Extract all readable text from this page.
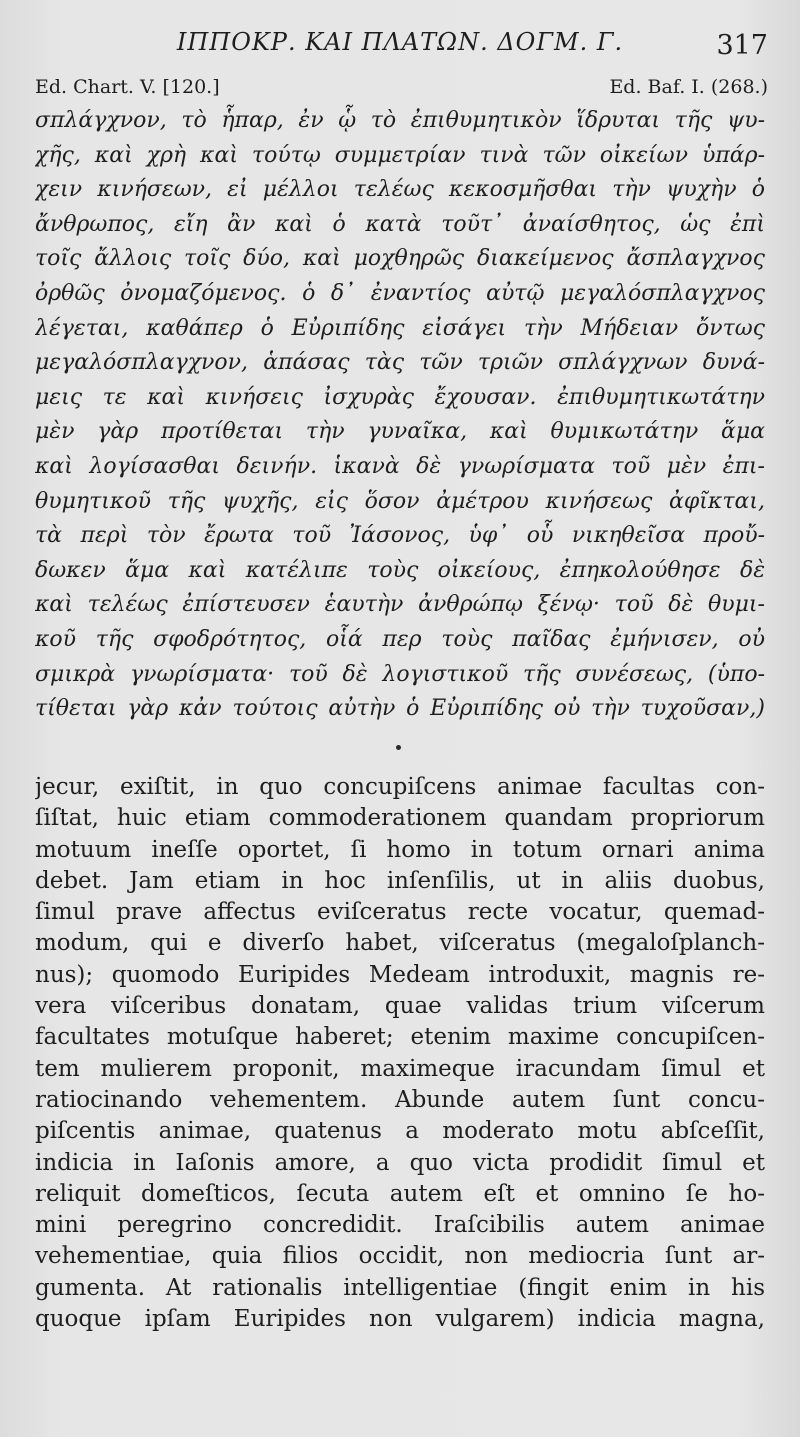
ΙΠΠΟΚΡ. ΚΑΙ ΠΛΑΤΩΝ. ΔΟΓΜ. Γ.	317
Ed. Chart. V. [120.]	Ed. Baf. I. (268.)
σπλάγχνον, τὸ ἧπαρ, ἐν ᾧ τὸ ἐπιθυμητικὸν ἵδρυται τῆς ψυ-
χῆς, καὶ χρὴ καὶ τούτῳ συμμετρίαν τινὰ τῶν οἰκείων ὑπάρ-
χειν κινήσεων, εἰ μέλλοι τελέως κεκοσμῆσθαι τὴν ψυχὴν ὁ
ἄνθρωπος, εἴη ἂν καὶ ὁ κατὰ τοῦτ᾽ ἀναίσθητος, ὡς ἐπὶ
τοῖς ἄλλοις τοῖς δύο, καὶ μοχθηρῶς διακείμενος ἄσπλαγχνος
ὀρθῶς ὀνομαζόμενος. ὁ δ᾽ ἐναντίος αὐτῷ μεγαλόσπλαγχνος
λέγεται, καθάπερ ὁ Εὐριπίδης εἰσάγει τὴν Μήδειαν ὄντως
μεγαλόσπλαγχνον, ἁπάσας τὰς τῶν τριῶν σπλάγχνων δυνά-
μεις τε καὶ κινήσεις ἰσχυρὰς ἔχουσαν. ἐπιθυμητικωτάτην
μὲν γὰρ προτίθεται τὴν γυναῖκα, καὶ θυμικωτάτην ἅμα
καὶ λογίσασθαι δεινήν. ἱκανὰ δὲ γνωρίσματα τοῦ μὲν ἐπι-
θυμητικοῦ τῆς ψυχῆς, εἰς ὅσον ἀμέτρου κινήσεως ἀφῖκται,
τὰ περὶ τὸν ἔρωτα τοῦ Ἰάσονος, ὑφ᾽ οὗ νικηθεῖσα προὔ-
δωκεν ἅμα καὶ κατέλιπε τοὺς οἰκείους, ἐπηκολούθησε δὲ
καὶ τελέως ἐπίστευσεν ἑαυτὴν ἀνθρώπῳ ξένῳ· τοῦ δὲ θυμι-
κοῦ τῆς σφοδρότητος, οἷά περ τοὺς παῖδας ἐμήνισεν, οὐ
σμικρὰ γνωρίσματα· τοῦ δὲ λογιστικοῦ τῆς συνέσεως, (ὑπο-
τίθεται γὰρ κἀν τούτοις αὐτὴν ὁ Εὐριπίδης οὐ τὴν τυχοῦσαν,)
jecur, exiſtit, in quo concupiſcens animae facultas con-
ſiſtat, huic etiam commoderationem quandam propriorum
motuum ineſſe oportet, ſi homo in totum ornari anima
debet. Jam etiam in hoc inſenſilis, ut in aliis duobus,
ſimul prave affectus eviſceratus recte vocatur, quemad-
modum, qui e diverſo habet, viſceratus (megaloſplanch-
nus); quomodo Euripides Medeam introduxit, magnis re-
vera viſceribus donatam, quae validas trium viſcerum
facultates motuſque haberet; etenim maxime concupiſcen-
tem mulierem proponit, maximeque iracundam ſimul et
ratiocinando vehementem. Abunde autem ſunt concu-
piſcentis animae, quatenus a moderato motu abſceſſit,
indicia in Iaſonis amore, a quo victa prodidit ſimul et
reliquit domeſticos, ſecuta autem eſt et omnino ſe ho-
mini peregrino concredidit. Iraſcibilis autem animae
vehementiae, quia filios occidit, non mediocria ſunt ar-
gumenta. At rationalis intelligentiae (fingit enim in his
quoque ipſam Euripides non vulgarem) indicia magna,
